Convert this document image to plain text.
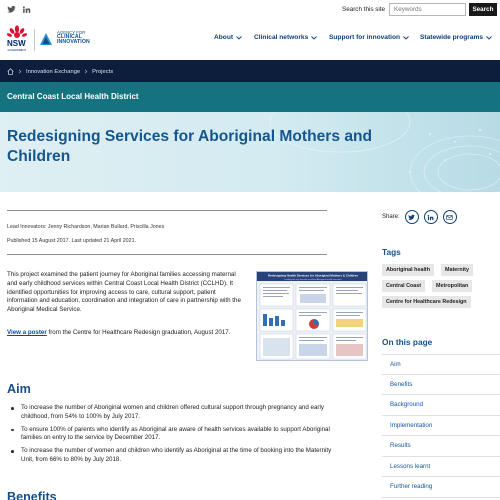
Search this site
Keywords	Search
NSW
GOVERNMENT
AGENCY FOR
CLINICAL
INNOVATION
About	Clinical networks	Support for innovation	Statewide programs
Innovation Exchange Projects
Central Coast Local Health District
Redesigning Services for Aboriginal Mothers and Children
Lead Innovators: Jenny Richardson, Marian Bullard, Priscilla Jones
Published 15 August 2017. Last updated 21 April 2021.
Share:

This project examined the patient journey for Aboriginal families accessing maternal and early childhood services within Central Coast Local Health District (CCLHD). It identified opportunities for improving access to care, cultural support, patient information and education, coordination and integration of care in partnership with the Aboriginal Medical Service.

View a poster from the Centre for Healthcare Redesign graduation, August 2017.

Redesigning Health Services for Aboriginal Mothers & Children
Leading the way towards excellent Aboriginal health outcomes
Tags
Aboriginal health	Maternity
Central Coast	Metropolitan
Centre for Healthcare Redesign
On this page
Aim
Benefits
Background
Implementation
Results
Lessons learnt
Further reading
Aim
To increase the number of Aboriginal women and children offered cultural support through pregnancy and early childhood, from 54% to 100% by July 2017.
To ensure 100% of parents who identify as Aboriginal are aware of health services available to support Aboriginal families on entry to the service by December 2017.
To increase the number of women and children who identify as Aboriginal at the time of booking into the Maternity Unit, from 66% to 80% by July 2018.
Benefits
